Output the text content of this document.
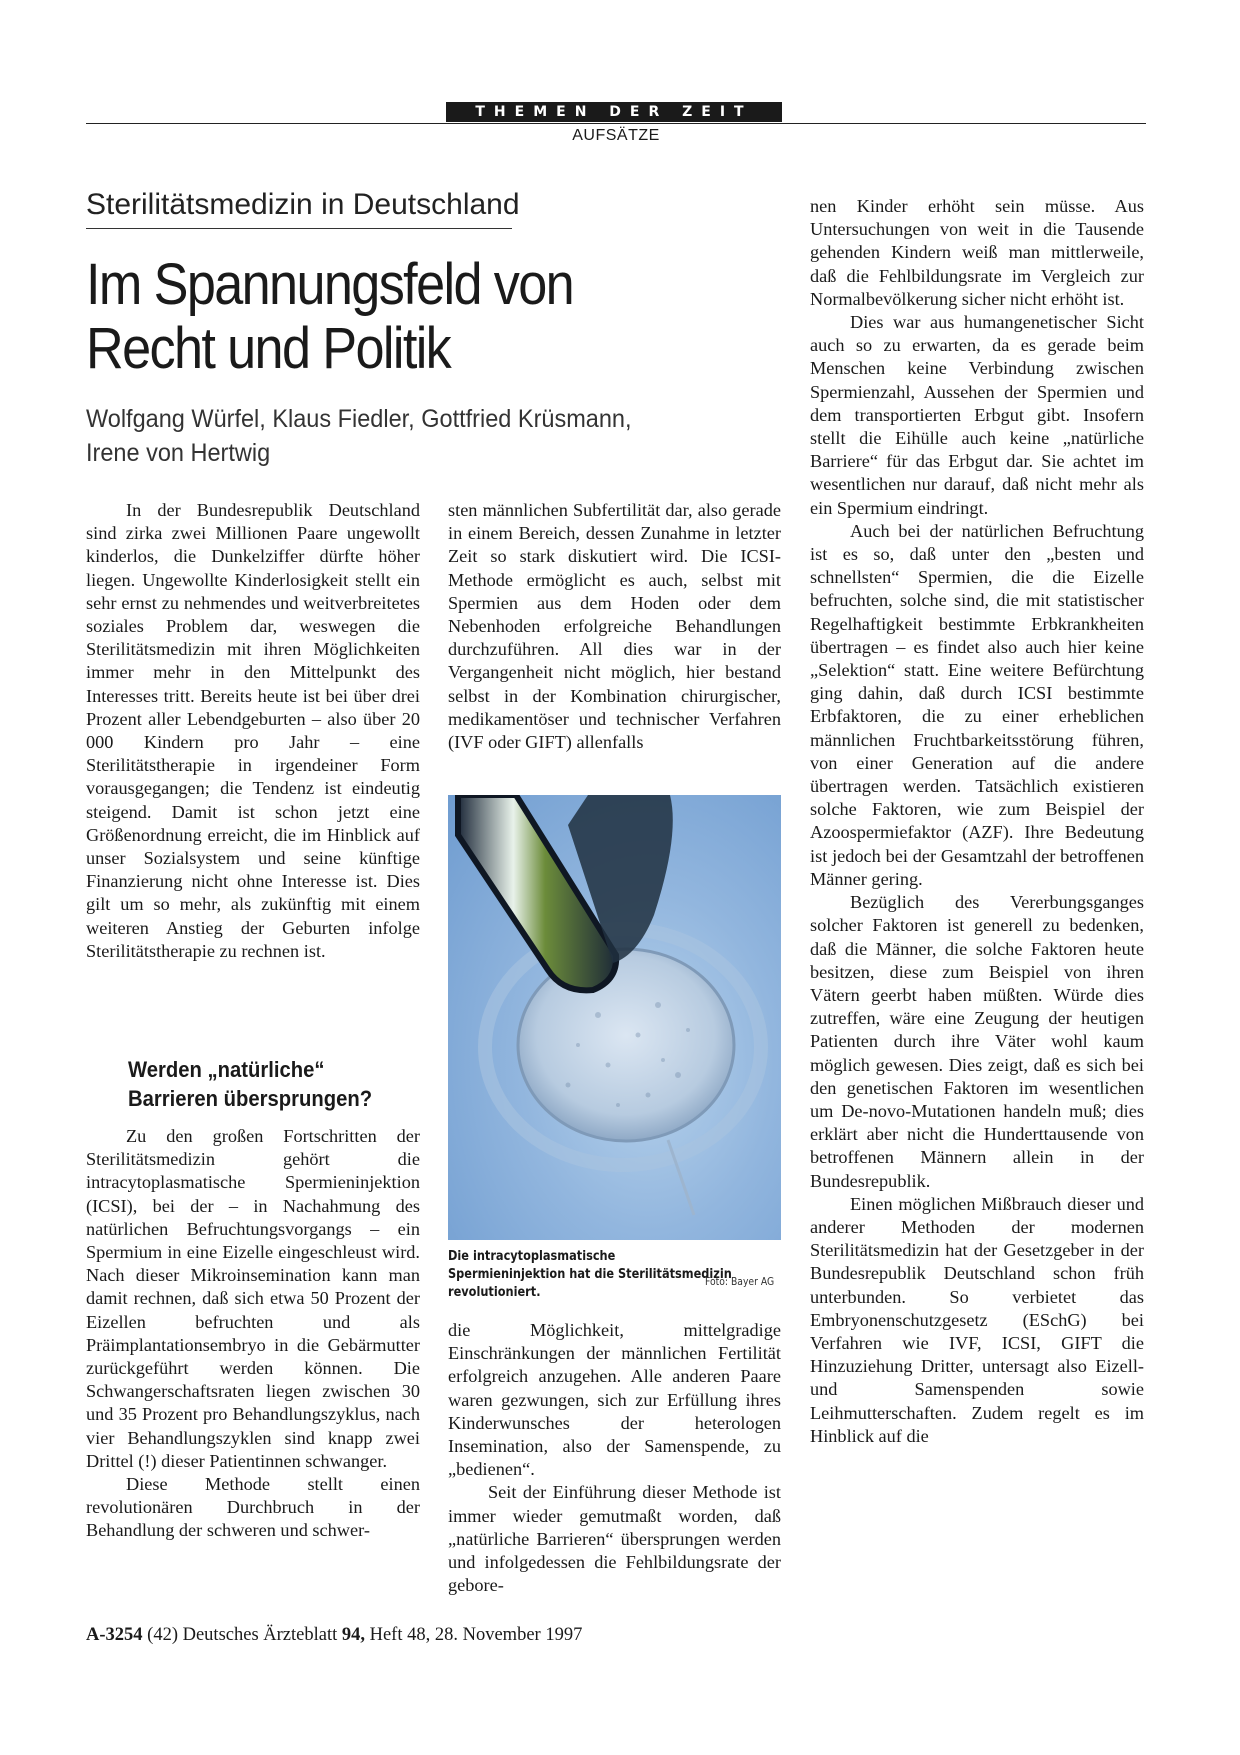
THEMEN DER ZEIT
AUFSÄTZE
Sterilitätsmedizin in Deutschland
Im Spannungsfeld von
Recht und Politik
Wolfgang Würfel, Klaus Fiedler, Gottfried Krüsmann,
Irene von Hertwig

In der Bundesrepublik Deutschland sind zirka zwei Millionen Paare ungewollt kinderlos, die Dunkelziffer dürfte höher liegen. Ungewollte Kinderlosigkeit stellt ein sehr ernst zu nehmendes und weitverbreitetes soziales Problem dar, weswegen die Sterilitätsmedizin mit ihren Möglichkeiten immer mehr in den Mittelpunkt des Interesses tritt. Bereits heute ist bei über drei Prozent aller Lebendgeburten – also über 20 000 Kindern pro Jahr – eine Sterilitätstherapie in irgendeiner Form vorausgegangen; die Tendenz ist eindeutig steigend. Damit ist schon jetzt eine Größenordnung erreicht, die im Hinblick auf unser Sozialsystem und seine künftige Finanzierung nicht ohne Interesse ist. Dies gilt um so mehr, als zukünftig mit einem weiteren Anstieg der Geburten infolge Sterilitätstherapie zu rechnen ist.

Werden „natürliche“
Barrieren übersprungen?

Zu den großen Fortschritten der Sterilitätsmedizin gehört die intracytoplasmatische Spermieninjektion (ICSI), bei der – in Nachahmung des natürlichen Befruchtungsvorgangs – ein Spermium in eine Eizelle eingeschleust wird. Nach dieser Mikroinsemination kann man damit rechnen, daß sich etwa 50 Prozent der Eizellen befruchten und als Präimplantationsembryo in die Gebärmutter zurückgeführt werden können. Die Schwangerschaftsraten liegen zwischen 30 und 35 Prozent pro Behandlungszyklus, nach vier Behandlungszyklen sind knapp zwei Drittel (!) dieser Patientinnen schwanger.

Diese Methode stellt einen revolutionären Durchbruch in der Behandlung der schweren und schwer-

sten männlichen Subfertilität dar, also gerade in einem Bereich, dessen Zunahme in letzter Zeit so stark diskutiert wird. Die ICSI-Methode ermöglicht es auch, selbst mit Spermien aus dem Hoden oder dem Nebenhoden erfolgreiche Behandlungen durchzuführen. All dies war in der Vergangenheit nicht möglich, hier bestand selbst in der Kombination chirurgischer, medikamentöser und technischer Verfahren (IVF oder GIFT) allenfalls

Die intracytoplasmatische Spermieninjektion hat die Sterilitätsmedizin revolutioniert.
Foto: Bayer AG

die Möglichkeit, mittelgradige Einschränkungen der männlichen Fertilität erfolgreich anzugehen. Alle anderen Paare waren gezwungen, sich zur Erfüllung ihres Kinderwunsches der heterologen Insemination, also der Samenspende, zu „bedienen“.

Seit der Einführung dieser Methode ist immer wieder gemutmaßt worden, daß „natürliche Barrieren“ übersprungen werden und infolgedessen die Fehlbildungsrate der gebore-

nen Kinder erhöht sein müsse. Aus Untersuchungen von weit in die Tausende gehenden Kindern weiß man mittlerweile, daß die Fehlbildungsrate im Vergleich zur Normalbevölkerung sicher nicht erhöht ist.

Dies war aus humangenetischer Sicht auch so zu erwarten, da es gerade beim Menschen keine Verbindung zwischen Spermienzahl, Aussehen der Spermien und dem transportierten Erbgut gibt. Insofern stellt die Eihülle auch keine „natürliche Barriere“ für das Erbgut dar. Sie achtet im wesentlichen nur darauf, daß nicht mehr als ein Spermium eindringt.

Auch bei der natürlichen Befruchtung ist es so, daß unter den „besten und schnellsten“ Spermien, die die Eizelle befruchten, solche sind, die mit statistischer Regelhaftigkeit bestimmte Erbkrankheiten übertragen – es findet also auch hier keine „Selektion“ statt. Eine weitere Befürchtung ging dahin, daß durch ICSI bestimmte Erbfaktoren, die zu einer erheblichen männlichen Fruchtbarkeitsstörung führen, von einer Generation auf die andere übertragen werden. Tatsächlich existieren solche Faktoren, wie zum Beispiel der Azoospermiefaktor (AZF). Ihre Bedeutung ist jedoch bei der Gesamtzahl der betroffenen Männer gering.

Bezüglich des Vererbungsganges solcher Faktoren ist generell zu bedenken, daß die Männer, die solche Faktoren heute besitzen, diese zum Beispiel von ihren Vätern geerbt haben müßten. Würde dies zutreffen, wäre eine Zeugung der heutigen Patienten durch ihre Väter wohl kaum möglich gewesen. Dies zeigt, daß es sich bei den genetischen Faktoren im wesentlichen um De-novo-Mutationen handeln muß; dies erklärt aber nicht die Hunderttausende von betroffenen Männern allein in der Bundesrepublik.

Einen möglichen Mißbrauch dieser und anderer Methoden der modernen Sterilitätsmedizin hat der Gesetzgeber in der Bundesrepublik Deutschland schon früh unterbunden. So verbietet das Embryonenschutzgesetz (ESchG) bei Verfahren wie IVF, ICSI, GIFT die Hinzuziehung Dritter, untersagt also Eizell- und Samenspenden sowie Leihmutterschaften. Zudem regelt es im Hinblick auf die

A-3254 (42) Deutsches Ärzteblatt 94, Heft 48, 28. November 1997
